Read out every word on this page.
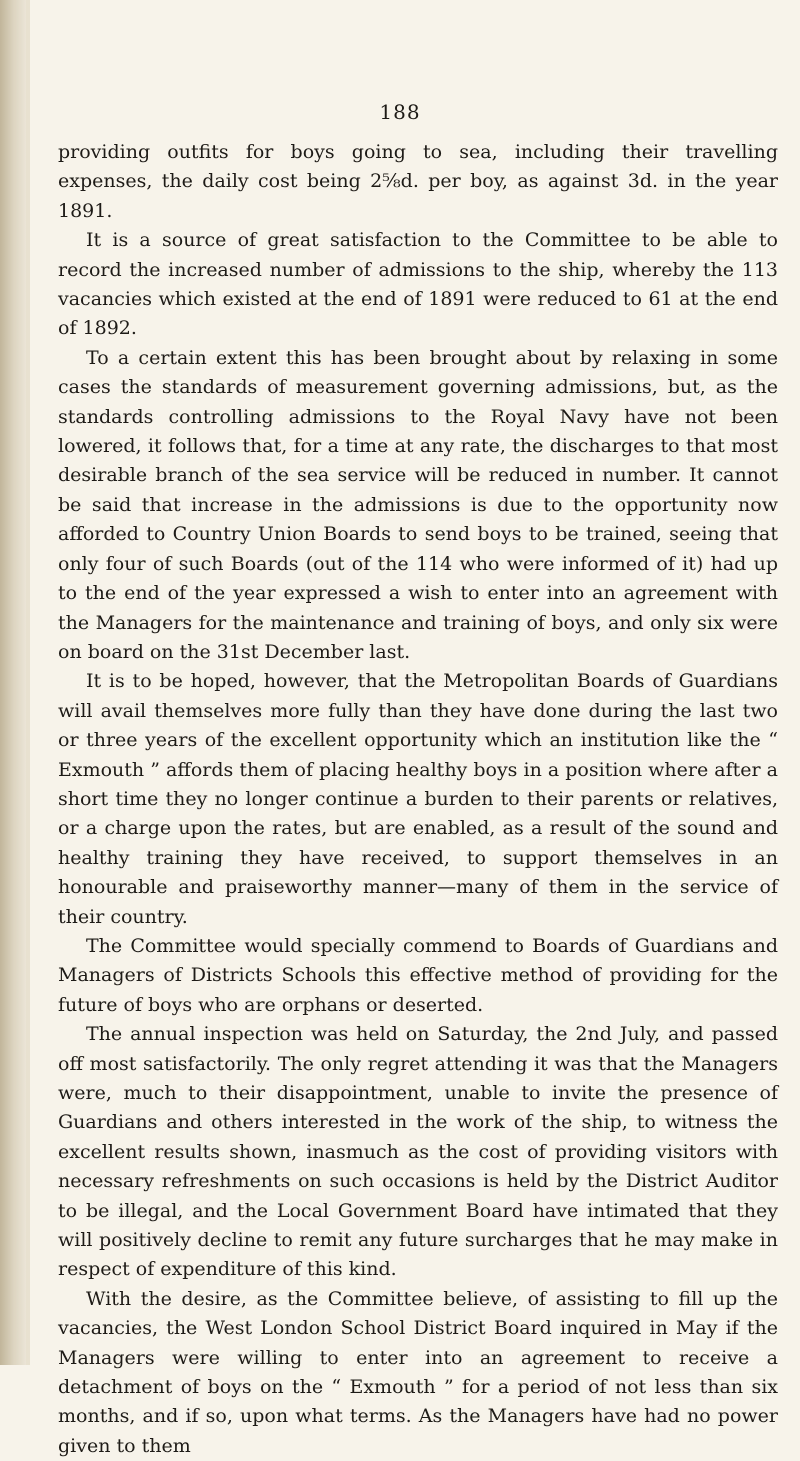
188

providing outfits for boys going to sea, including their travelling expenses, the daily cost being 2⅝d. per boy, as against 3d. in the year 1891.

It is a source of great satisfaction to the Committee to be able to record the increased number of admissions to the ship, whereby the 113 vacancies which existed at the end of 1891 were reduced to 61 at the end of 1892.

To a certain extent this has been brought about by relaxing in some cases the standards of measurement governing admissions, but, as the standards controlling admissions to the Royal Navy have not been lowered, it follows that, for a time at any rate, the discharges to that most desirable branch of the sea service will be reduced in number. It cannot be said that increase in the admissions is due to the opportunity now afforded to Country Union Boards to send boys to be trained, seeing that only four of such Boards (out of the 114 who were informed of it) had up to the end of the year expressed a wish to enter into an agreement with the Managers for the maintenance and training of boys, and only six were on board on the 31st December last.

It is to be hoped, however, that the Metropolitan Boards of Guardians will avail themselves more fully than they have done during the last two or three years of the excellent opportunity which an institution like the “ Exmouth ” affords them of placing healthy boys in a position where after a short time they no longer continue a burden to their parents or relatives, or a charge upon the rates, but are enabled, as a result of the sound and healthy training they have received, to support themselves in an honourable and praiseworthy manner—many of them in the service of their country.

The Committee would specially commend to Boards of Guardians and Managers of Districts Schools this effective method of providing for the future of boys who are orphans or deserted.

The annual inspection was held on Saturday, the 2nd July, and passed off most satisfactorily. The only regret attending it was that the Managers were, much to their disappointment, unable to invite the presence of Guardians and others interested in the work of the ship, to witness the excellent results shown, inasmuch as the cost of providing visitors with necessary refreshments on such occasions is held by the District Auditor to be illegal, and the Local Government Board have intimated that they will positively decline to remit any future surcharges that he may make in respect of expenditure of this kind.

With the desire, as the Committee believe, of assisting to fill up the vacancies, the West London School District Board inquired in May if the Managers were willing to enter into an agreement to receive a detachment of boys on the “ Exmouth ” for a period of not less than six months, and if so, upon what terms. As the Managers have had no power given to them
